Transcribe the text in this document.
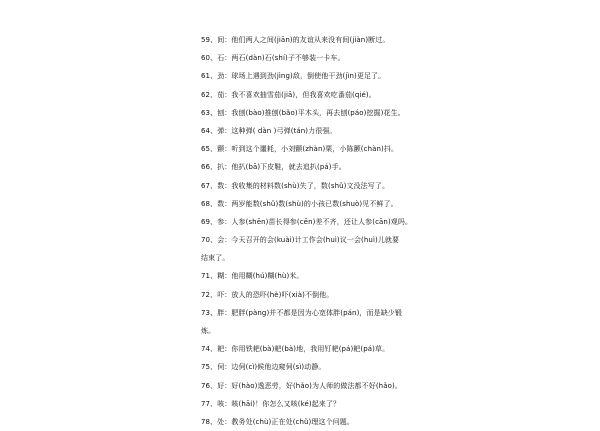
59、间：他们两人之间(jiān)的友谊从来没有间(jiàn)断过。
60、石：两石(dàn)石(shí)子不够装一卡车。
61、劲：球场上遇到劲(jìng)敌，倒使他干劲(jìn)更足了。
62、茄：我不喜欢抽雪茄(jiā)，但我喜欢吃番茄(qié)。
63、刨：我刨(bào)推刨(bǎo)平木头，再去刨(páo)挖掘)花生。
64、弹：这种弹( dàn )弓弹(tán)力很强。
65、颤：听到这个噩耗，小刘颤(zhàn)栗，小陈颤(chàn)抖。
66、扒：他扒(bā)下皮鞋，就去追扒(pá)手。
67、数：我收集的材料数(shù)失了，数(shǔ)文没法写了。
68、数：两岁能数(shǔ)数(shù)的小孩已数(shuò)见不鲜了。
69、参：人参(shēn)苗长得参(cēn)差不齐，还让人参(cān)观吗。
70、会：今天召开的会(kuài)计工作会(huì)议一会(huì)儿就要
结束了。
71、糊：他用糊(hú)糊(hù)米。
72、吓：放人的恐吓(hè)吓(xià)不倒他。
73、胖：肥胖(pàng)并不都是因为心宽体胖(pán)，而是缺少锻
炼。
74、耙：你用铁耙(bà)耙(bà)地，我用钉耙(pá)耙(pá)草。
75、伺：边伺(cì)候他边窥伺(sì)动静。
76、好：好(hào)逸恶劳，好(hǎo)为人师的做法都不好(hǎo)。
77、咳：咳(hāi)！你怎么又咳(ké)起来了？
78、处：教务处(chù)正在处(chǔ)理这个问题。
